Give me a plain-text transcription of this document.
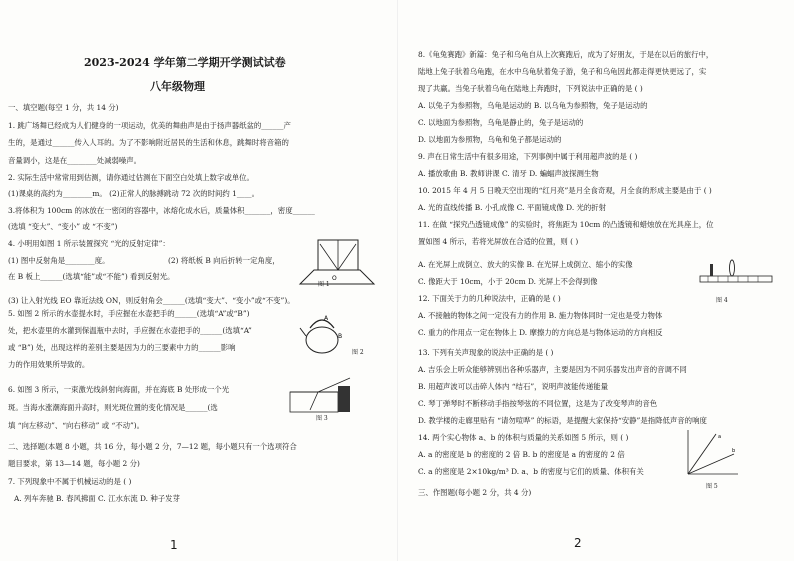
2023-2024 学年第二学期开学测试试卷
八年级物理
一、填空题(每空 1 分，共 14 分)
1. 跳广场舞已经成为人们健身的一项运动，优美的舞曲声是由于扬声器纸盆的______产
生的，是通过______传入人耳的。为了不影响附近居民的生活和休息，跳舞时将音箱的
音量调小，这是在________处减弱噪声。
2. 实际生活中常常用到估测，请你通过估测在下面空白处填上数字或单位。
(1)课桌的高约为________m。 (2)正常人的脉搏跳动 72 次的时间约 1____。
3.将体积为 100cm 的冰放在一密闭的容器中，冰熔化成水后，质量体积_______，密度______
(选填 “变大”、“变小” 或 “不变”)
4. 小明用如图 1 所示装置探究 “光的反射定律”：
(1) 图中反射角是________度。	(2) 将纸板 B 向后折转一定角度，
在 B 板上______(选填“能”或“不能”) 看到反射光。
(3) 让入射光线 EO 靠近法线 ON，则反射角会______(选填“变大”、“变小”或“不变”)。
5. 如图 2 所示的水壶提水时，手应握在水壶把手的______(选填“A”或“B”)
处，把水壶里的水灌到保温瓶中去时，手应握在水壶把手的______(选填“A”
或 “B”) 处，出现这样的差别主要是因为力的三要素中力的______影响
力的作用效果所导致的。
6. 如图 3 所示，一束激光线斜射向海面，并在海底 B 处形成一个光
斑。当海水涨潮海面升高时，则光斑位置的变化情况是______(选
填 “向左移动”、“向右移动” 或 “不动”)。
二、选择题(本题 8 小题，共 16 分，每小题 2 分，7—12 题，每小题只有一个选项符合
题目要求，第 13—14 题，每小题 2 分)
7. 下列现象中不属于机械运动的是 ( )
A. 列车奔驰 B. 春风拂面 C. 江水东流 D. 种子发芽
O
图 1
A
B
图 2
图 3
1
8.《龟兔赛跑》新篇：兔子和乌龟自从上次赛跑后，成为了好朋友，于是在以后的旅行中，
陆地上兔子驮着乌龟跑，在水中乌龟驮着兔子游，兔子和乌龟因此都走得更快更远了，实
现了共赢。当兔子驮着乌龟在陆地上奔跑时，下列说法中正确的是 ( )
A. 以兔子为参照物，乌龟是运动的 B. 以乌龟为参照物，兔子是运动的
C. 以地面为参照物，乌龟是静止的，兔子是运动的
D. 以地面为参照物，乌龟和兔子都是运动的
9. 声在日常生活中有很多用途，下列事例中属于利用超声波的是 ( )
A. 播放歌曲 B. 教师讲课 C. 清牙 D. 蝙蝠声波探测生物
10. 2015 年 4 月 5 日晚天空出现的“红月亮”是月全食奇观，月全食的形成主要是由于 ( )
A. 光的直线传播 B. 小孔成像 C. 平面镜成像 D. 光的折射
11. 在做 “探究凸透镜成像” 的实验时，将焦距为 10cm 的凸透镜和蜡烛放在光具座上，位
置如图 4 所示，若将光屏放在合适的位置，则 ( )
A. 在光屏上成倒立、放大的实像 B. 在光屏上成倒立、缩小的实像
C. 像距大于 10cm，小于 20cm D. 光屏上不会得到像
12. 下面关于力的几种说法中，正确的是 ( )
A. 不接触的物体之间一定没有力的作用 B. 施力物体同时一定也是受力物体
C. 重力的作用点一定在物体上 D. 摩擦力的方向总是与物体运动的方向相反
13. 下列有关声现象的说法中正确的是 ( )
A. 吉乐会上听众能够辨别出各种乐器声，主要是因为不同乐器发出声音的音调不同
B. 用超声波可以击碎人体内 “结石”，说明声波能传递能量
C. 琴丁弹琴时不断移动手指按琴弦的不同位置，这是为了改变琴声的音色
D. 教学楼的走廊里贴有 “请勿喧哗” 的标语，是提醒大家保持“安静”是指降低声音的响度
14. 两个实心物体 a、b 的体积与质量的关系如图 5 所示，则 ( )
A. a 的密度是 b 的密度的 2 倍 B. b 的密度是 a 的密度的 2 倍
C. a 的密度是 2×10kg/m³ D. a、b 的密度与它们的质量、体积有关
三、作图题(每小题 2 分，共 4 分)
图 4
a
b
图 5
2
